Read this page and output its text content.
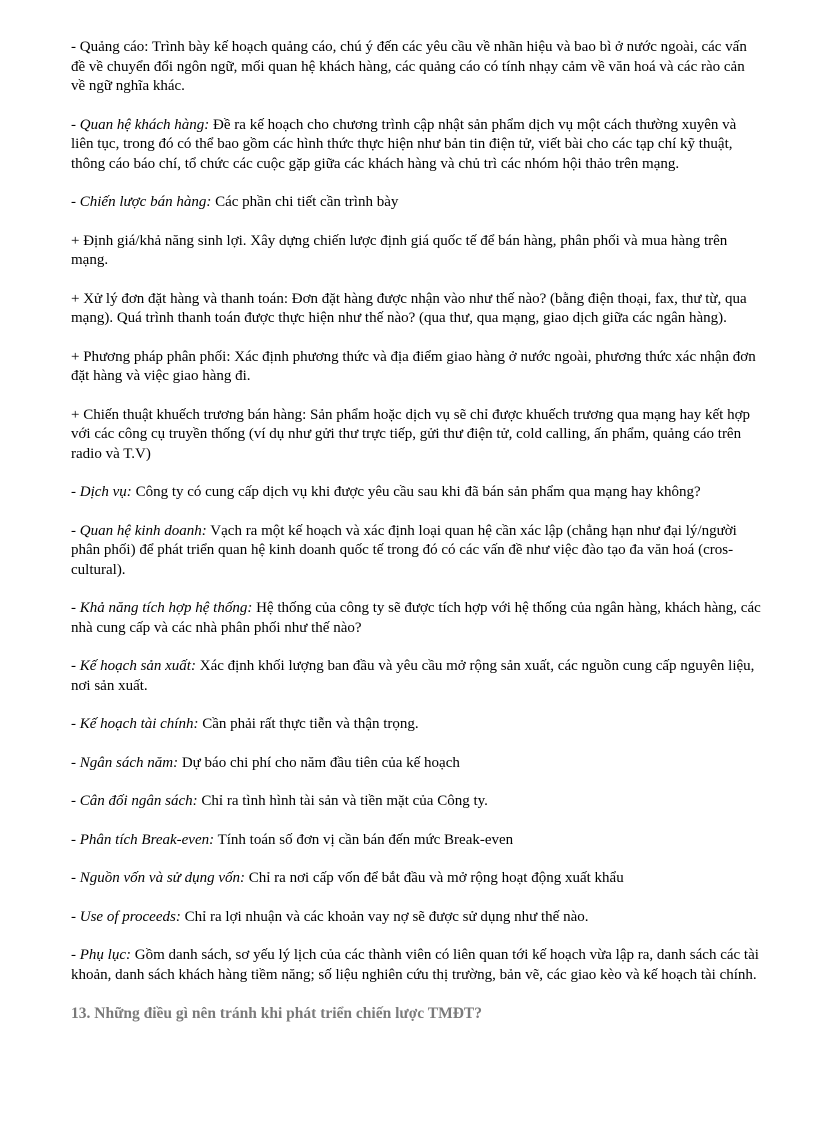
- Quảng cáo: Trình bày kế hoạch quảng cáo, chú ý đến các yêu cầu về nhãn hiệu và bao bì ở nước ngoài, các vấn đề về chuyển đổi ngôn ngữ, mối quan hệ khách hàng, các quảng cáo có tính nhạy cảm về văn hoá và các rào cản về ngữ nghĩa khác.

- Quan hệ khách hàng: Đề ra kế hoạch cho chương trình cập nhật sản phẩm dịch vụ một cách thường xuyên và liên tục, trong đó có thể bao gồm các hình thức thực hiện như bản tin điện tử, viết bài cho các tạp chí kỹ thuật, thông cáo báo chí, tổ chức các cuộc gặp giữa các khách hàng và chủ trì các nhóm hội thảo trên mạng.

- Chiến lược bán hàng: Các phần chi tiết cần trình bày

+ Định giá/khả năng sinh lợi. Xây dựng chiến lược định giá quốc tế để bán hàng, phân phối và mua hàng trên mạng.

+ Xử lý đơn đặt hàng và thanh toán: Đơn đặt hàng được nhận vào như thế nào? (bằng điện thoại, fax, thư từ, qua mạng). Quá trình thanh toán được thực hiện như thế nào? (qua thư, qua mạng, giao dịch giữa các ngân hàng).

+ Phương pháp phân phối: Xác định phương thức và địa điểm giao hàng ở nước ngoài, phương thức xác nhận đơn đặt hàng và việc giao hàng đi.

+ Chiến thuật khuếch trương bán hàng: Sản phẩm hoặc dịch vụ sẽ chỉ được khuếch trương qua mạng hay kết hợp với các công cụ truyền thống (ví dụ như gửi thư trực tiếp, gửi thư điện tử, cold calling, ấn phẩm, quảng cáo trên radio và T.V)

- Dịch vụ: Công ty có cung cấp dịch vụ khi được yêu cầu sau khi đã bán sản phẩm qua mạng hay không?

- Quan hệ kinh doanh: Vạch ra một kế hoạch và xác định loại quan hệ cần xác lập (chẳng hạn như đại lý/người phân phối) để phát triển quan hệ kinh doanh quốc tế trong đó có các vấn đề như việc đào tạo đa văn hoá (cros-cultural).

- Khả năng tích hợp hệ thống: Hệ thống của công ty sẽ được tích hợp với hệ thống của ngân hàng, khách hàng, các nhà cung cấp và các nhà phân phối như thế nào?

- Kế hoạch sản xuất: Xác định khối lượng ban đầu và yêu cầu mở rộng sản xuất, các nguồn cung cấp nguyên liệu, nơi sản xuất.

- Kế hoạch tài chính: Cần phải rất thực tiễn và thận trọng.

- Ngân sách năm: Dự báo chi phí cho năm đầu tiên của kế hoạch

- Cân đối ngân sách: Chỉ ra tình hình tài sản và tiền mặt của Công ty.

- Phân tích Break-even: Tính toán số đơn vị cần bán đến mức Break-even

- Nguồn vốn và sử dụng vốn: Chỉ ra nơi cấp vốn để bắt đầu và mở rộng hoạt động xuất khẩu

- Use of proceeds: Chỉ ra lợi nhuận và các khoản vay nợ sẽ được sử dụng như thế nào.

- Phụ lục: Gồm danh sách, sơ yếu lý lịch của các thành viên có liên quan tới kế hoạch vừa lập ra, danh sách các tài khoản, danh sách khách hàng tiềm năng; số liệu nghiên cứu thị trường, bản vẽ, các giao kèo và kế hoạch tài chính.

13. Những điều gì nên tránh khi phát triển chiến lược TMĐT?
